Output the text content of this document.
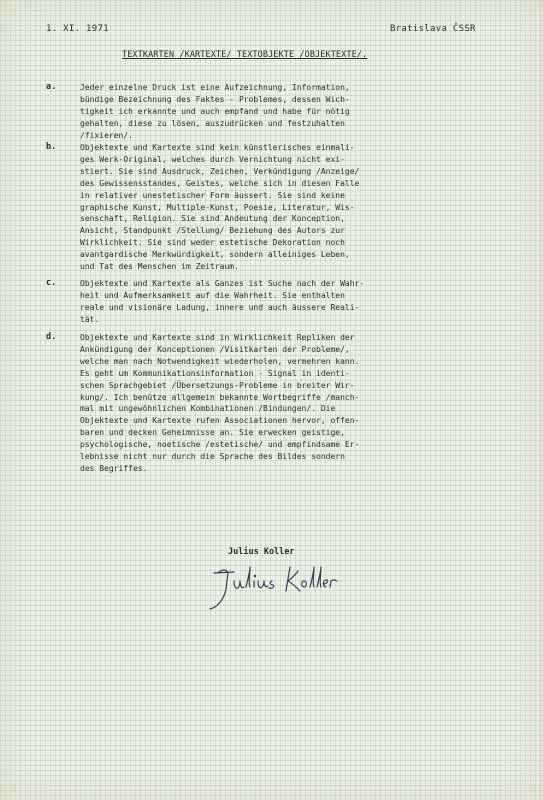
1. XI. 1971	Bratislava ČSSR
TEXTKARTEN /KARTEXTE/ TEXTOBJEKTE /OBJEKTEXTE/.
a.	Jeder einzelne Druck ist eine Aufzeichnung, Information,
bündige Bezeichnung des Faktes - Problemes, dessen Wich-
tigkeit ich erkannte und auch empfand und habe für nötig
gehalten, diese zu lösen, auszudrücken und festzuhalten
/fixieren/.
b.	Objektexte und Kartexte sind kein künstlerisches einmali-
ges Werk-Original, welches durch Vernichtung nicht exi-
stiert. Sie sind Ausdruck, Zeichen, Verkündigung /Anzeige/
des Gewissensstandes, Geistes, welche sich in diesen Falle
in relativer unestetischer Form äussert. Sie sind keine
graphische Kunst, Multiple-Kunst, Poesie, Literatur, Wis-
senschaft, Religion. Sie sind Andeutung der Konception,
Ansicht, Standpunkt /Stellung/ Beziehung des Autors zur
Wirklichkeit. Sie sind weder estetische Dekoration noch
avantgardische Merkwürdigkeit, sondern alleiniges Leben,
und Tat des Menschen im Zeitraum.
c.	Objektexte und Kartexte als Ganzes ist Suche nach der Wahr-
heit und Aufmerksamkeit auf die Wahrheit. Sie enthalten
reale und visionäre Ladung, innere und auch äussere Reali-
tät.
d.	Objektexte und Kartexte sind in Wirklichkeit Repliken der
Ankündigung der Konceptionen /Visitkarten der Probleme/,
welche man nach Notwendigkeit wiederholen, vermehren kann.
Es geht um Kommunikationsinformation - Signal in identi-
schen Sprachgebiet /Übersetzungs-Probleme in breiter Wir-
kung/. Ich benütze allgemein bekannte Wortbegriffe /manch-
mal mit ungewöhnlichen Kombinationen /Bindungen/. Die
Objektexte und Kartexte rufen Associationen hervor, offen-
baren und decken Geheimnisse an. Sie erwecken geistige,
psychologische, noetische /estetische/ und empfindsame Er-
lebnisse nicht nur durch die Sprache des Bildes sondern
des Begriffes.
Julius Koller
